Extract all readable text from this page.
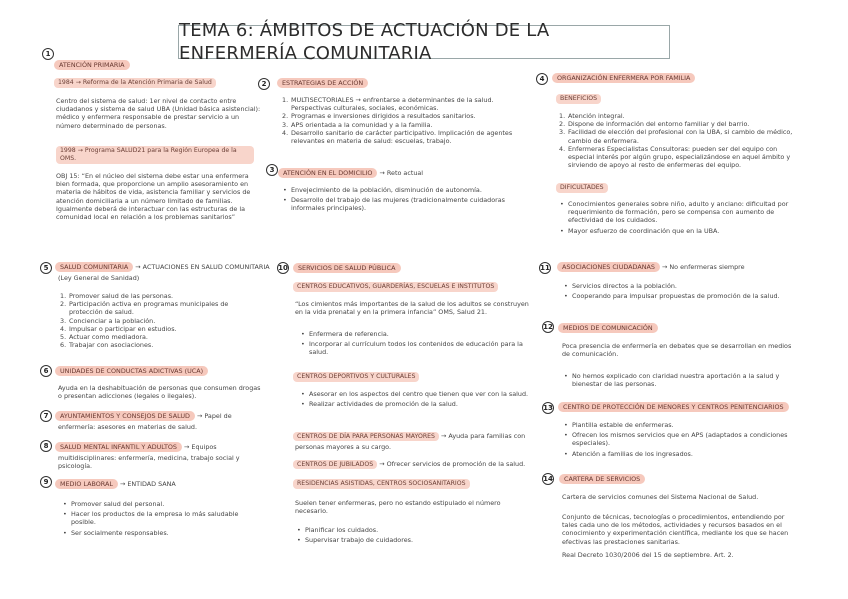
TEMA 6: ÁMBITOS DE ACTUACIÓN DE LA ENFERMERÍA COMUNITARIA
1
ATENCIÓN PRIMARIA
1984 → Reforma de la Atención Primaria de Salud
Centro del sistema de salud: 1er nivel de contacto entre ciudadanos y sistema de salud UBA (Unidad básica asistencial): médico y enfermera responsable de prestar servicio a un número determinado de personas.
1998 → Programa SALUD21 para la Región Europea de la OMS.
OBJ 15: “En el núcleo del sistema debe estar una enfermera bien formada, que proporcione un amplio asesoramiento en materia de hábitos de vida, asistencia familiar y servicios de atención domiciliaria a un número limitado de familias. Igualmente deberá de interactuar con las estructuras de la comunidad local en relación a los problemas sanitarios”
2	ESTRATEGIAS DE ACCIÓN
1. MULTISECTORIALES → enfrentarse a determinantes de la salud. Perspectivas culturales, sociales, económicas.
2. Programas e inversiones dirigidos a resultados sanitarios.
3. APS orientada a la comunidad y a la familia.
4. Desarrollo sanitario de carácter participativo. Implicación de agentes relevantes en materia de salud: escuelas, trabajo.
3	ATENCIÓN EN EL DOMICILIO → Reto actual
• Envejecimiento de la población, disminución de autonomía.
• Desarrollo del trabajo de las mujeres (tradicionalmente cuidadoras informales principales).
4	ORGANIZACIÓN ENFERMERA POR FAMILIA
BENEFICIOS
1. Atención integral.
2. Dispone de información del entorno familiar y del barrio.
3. Facilidad de elección del profesional con la UBA, si cambio de médico, cambio de enfermera.
4. Enfermeras Especialistas Consultoras: pueden ser del equipo con especial interés por algún grupo, especializándose en aquel ámbito y sirviendo de apoyo al resto de enfermeras del equipo.
DIFICULTADES
• Conocimientos generales sobre niño, adulto y anciano: dificultad por requerimiento de formación, pero se compensa con aumento de efectividad de los cuidados.
• Mayor esfuerzo de coordinación que en la UBA.
5	SALUD COMUNITARIA → ACTUACIONES EN SALUD COMUNITARIA
(Ley General de Sanidad)
1. Promover salud de las personas.
2. Participación activa en programas municipales de protección de salud.
3. Concienciar a la población.
4. Impulsar o participar en estudios.
5. Actuar como mediadora.
6. Trabajar con asociaciones.
6	UNIDADES DE CONDUCTAS ADICTIVAS (UCA)
Ayuda en la deshabituación de personas que consumen drogas o presentan adicciones (legales o ilegales).
7	AYUNTAMIENTOS Y CONSEJOS DE SALUD → Papel de
enfermería: asesores en materias de salud.
8	SALUD MENTAL INFANTIL Y ADULTOS → Equipos
multidisciplinares: enfermería, medicina, trabajo social y psicología.
9	MEDIO LABORAL → ENTIDAD SANA
• Promover salud del personal.
• Hacer los productos de la empresa lo más saludable posible.
• Ser socialmente responsables.
10	SERVICIOS DE SALUD PÚBLICA
CENTROS EDUCATIVOS, GUARDERÍAS, ESCUELAS E INSTITUTOS
“Los cimientos más importantes de la salud de los adultos se construyen en la vida prenatal y en la primera infancia” OMS, Salud 21.
• Enfermera de referencia.
• Incorporar al currículum todos los contenidos de educación para la salud.
CENTROS DEPORTIVOS Y CULTURALES
• Asesorar en los aspectos del centro que tienen que ver con la salud.
• Realizar actividades de promoción de la salud.
CENTROS DE DÍA PARA PERSONAS MAYORES → Ayuda para familias con
personas mayores a su cargo.
CENTROS DE JUBILADOS → Ofrecer servicios de promoción de la salud.
RESIDENCIAS ASISTIDAS, CENTROS SOCIOSANITARIOS
Suelen tener enfermeras, pero no estando estipulado el número necesario.
• Planificar los cuidados.
• Supervisar trabajo de cuidadores.
11	ASOCIACIONES CIUDADANAS → No enfermeras siempre
• Servicios directos a la población.
• Cooperando para impulsar propuestas de promoción de la salud.
12	MEDIOS DE COMUNICACIÓN
Poca presencia de enfermería en debates que se desarrollan en medios de comunicación.
• No hemos explicado con claridad nuestra aportación a la salud y bienestar de las personas.
13	CENTRO DE PROTECCIÓN DE MENORES Y CENTROS PENITENCIARIOS
• Plantilla estable de enfermeras.
• Ofrecen los mismos servicios que en APS (adaptados a condiciones especiales).
• Atención a familias de los ingresados.
14	CARTERA DE SERVICIOS
Cartera de servicios comunes del Sistema Nacional de Salud.
Conjunto de técnicas, tecnologías o procedimientos, entendiendo por tales cada uno de los métodos, actividades y recursos basados en el conocimiento y experimentación científica, mediante los que se hacen efectivas las prestaciones sanitarias.
Real Decreto 1030/2006 del 15 de septiembre. Art. 2.
